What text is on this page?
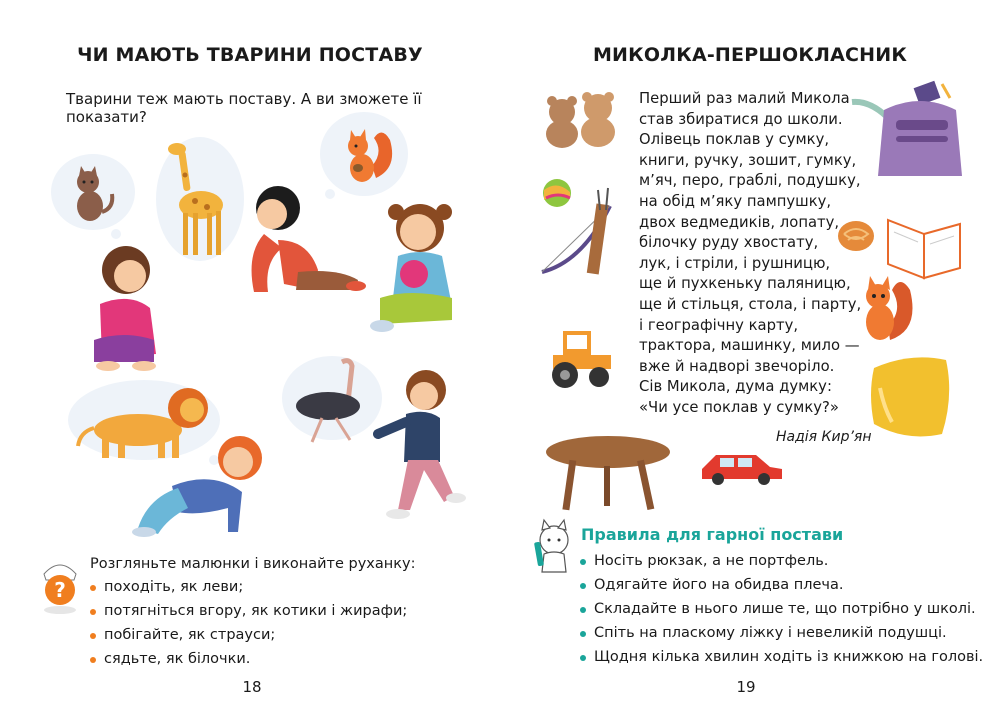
ЧИ МАЮТЬ ТВАРИНИ ПОСТАВУ
Тварини теж мають поставу. А ви зможете її показати?
?
Розгляньте малюнки і виконайте руханку:
походіть, як леви;
потягніться вгору, як котики і жирафи;
побігайте, як страуси;
сядьте, як білочки.
18
МИКОЛКА-ПЕРШОКЛАСНИК
Перший раз малий Микола
став збиратися до школи.
Олівець поклав у сумку,
книги, ручку, зошит, гумку,
м’яч, перо, граблі, подушку,
на обід м’яку пампушку,
двох ведмедиків, лопату,
білочку руду хвостату,
лук, і стріли, і рушницю,
ще й пухкеньку паляницю,
ще й стільця, стола, і парту,
і географічну карту,
трактора, машинку, мило —
вже й надворі звечоріло.
Сів Микола, дума думку:
«Чи усе поклав у сумку?»
Надія Кир’ян
Правила для гарної постави
Носіть рюкзак, а не портфель.
Одягайте його на обидва плеча.
Складайте в нього лише те, що потрібно у школі.
Спіть на пласкому ліжку і невеликій подушці.
Щодня кілька хвилин ходіть із книжкою на голові.
19
